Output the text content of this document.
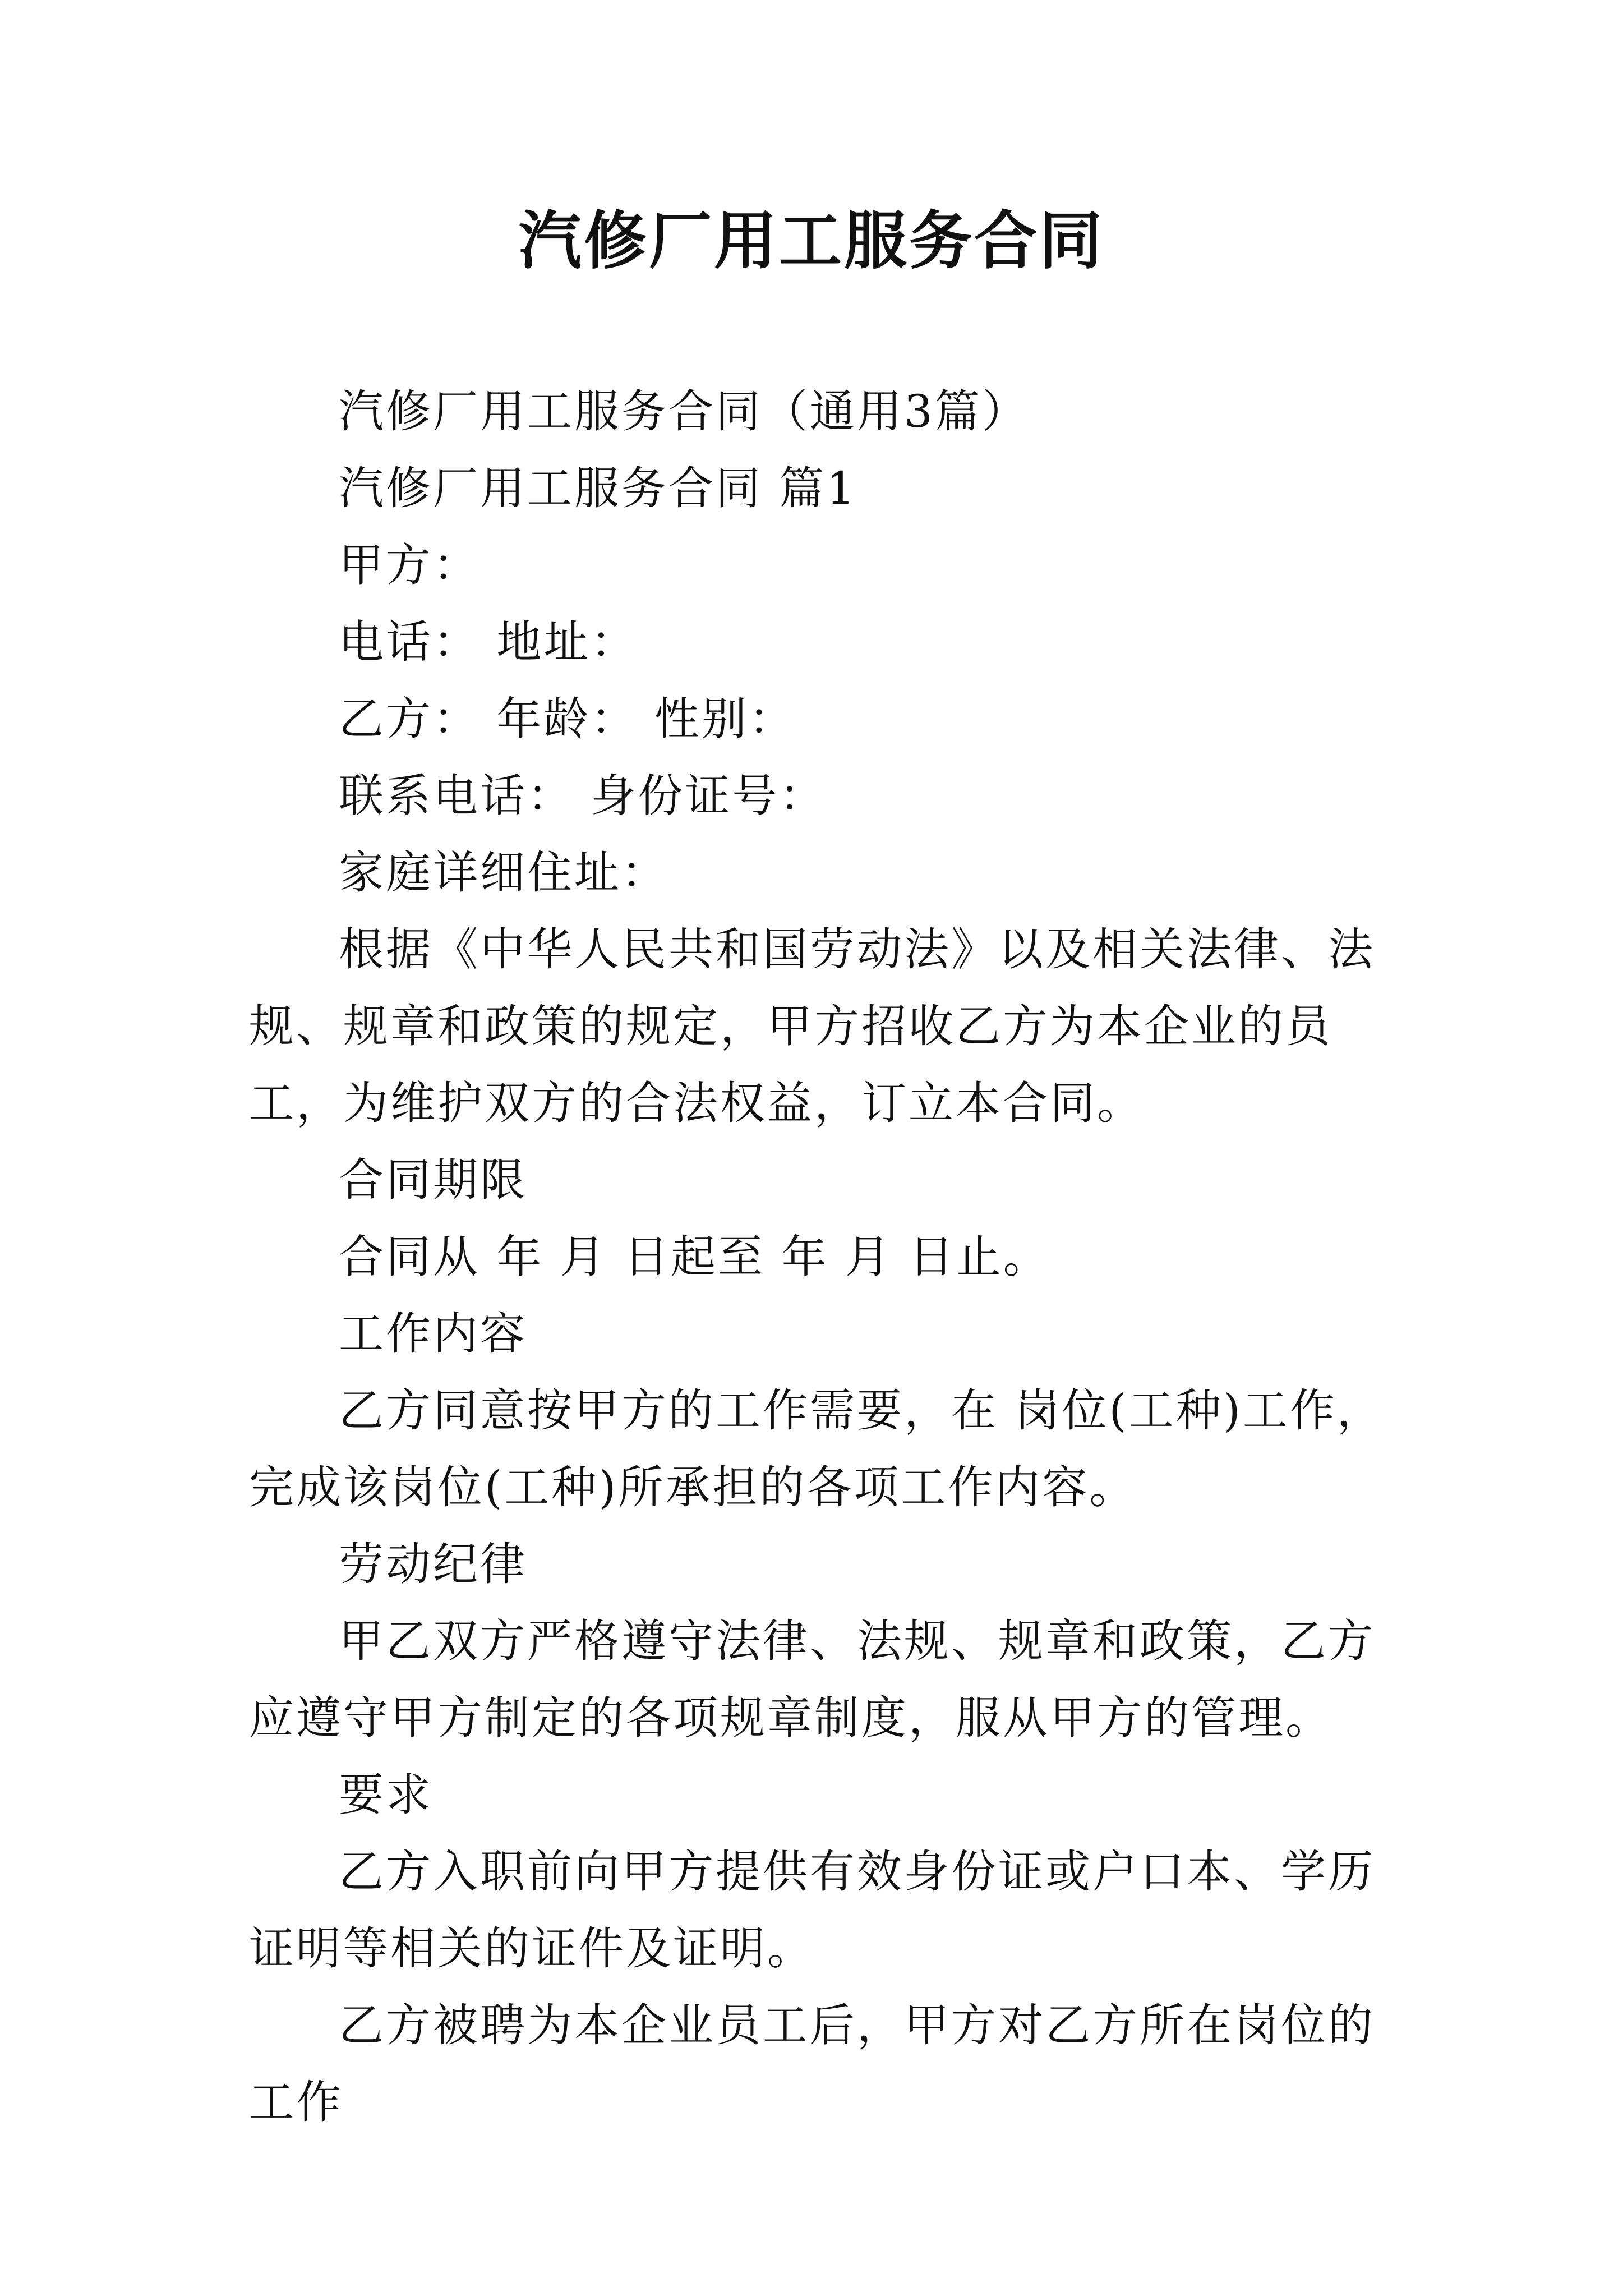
汽修厂用工服务合同

汽修厂用工服务合同（通用3篇）

汽修厂用工服务合同 篇1

甲方：

电话： 地址：

乙方： 年龄： 性别：

联系电话： 身份证号：

家庭详细住址：

根据《中华人民共和国劳动法》以及相关法律、法规、规章和政策的规定，甲方招收乙方为本企业的员工，为维护双方的合法权益，订立本合同。

合同期限

合同从 年 月 日起至 年 月 日止。

工作内容

乙方同意按甲方的工作需要，在 岗位(工种)工作，完成该岗位(工种)所承担的各项工作内容。

劳动纪律

甲乙双方严格遵守法律、法规、规章和政策，乙方应遵守甲方制定的各项规章制度，服从甲方的管理。

要求

乙方入职前向甲方提供有效身份证或户口本、学历证明等相关的证件及证明。

乙方被聘为本企业员工后，甲方对乙方所在岗位的工作
